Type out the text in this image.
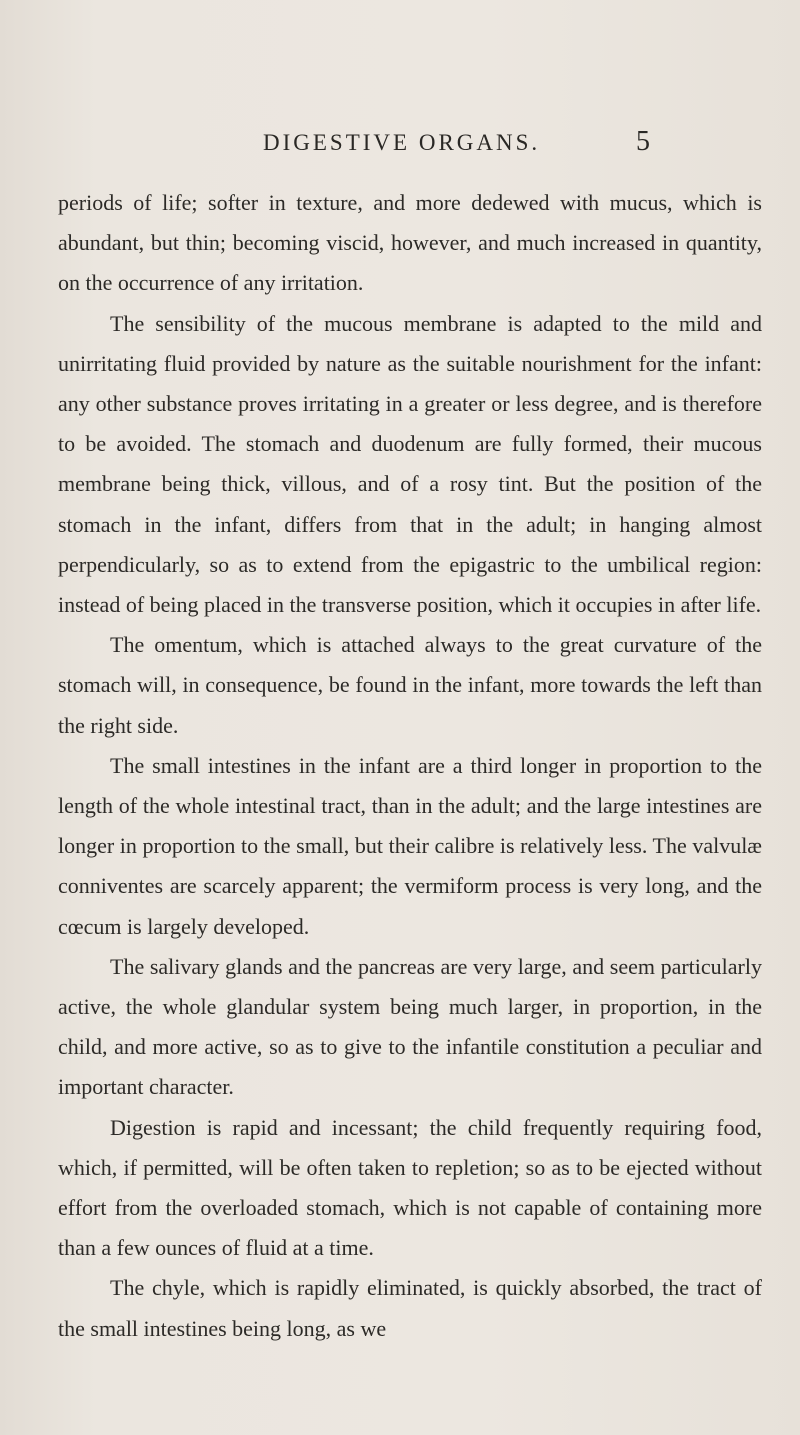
DIGESTIVE ORGANS.	5

periods of life; softer in texture, and more dedewed with mucus, which is abundant, but thin; becoming viscid, however, and much increased in quantity, on the occurrence of any irritation.

The sensibility of the mucous membrane is adapted to the mild and unirritating fluid provided by nature as the suitable nourishment for the infant: any other substance proves irritating in a greater or less degree, and is therefore to be avoided. The stomach and duodenum are fully formed, their mucous membrane being thick, villous, and of a rosy tint. But the position of the stomach in the infant, differs from that in the adult; in hanging almost perpendicularly, so as to extend from the epigastric to the umbilical region: instead of being placed in the transverse position, which it occupies in after life.

The omentum, which is attached always to the great curvature of the stomach will, in consequence, be found in the infant, more towards the left than the right side.

The small intestines in the infant are a third longer in proportion to the length of the whole intestinal tract, than in the adult; and the large intestines are longer in proportion to the small, but their calibre is relatively less. The valvulæ conniventes are scarcely apparent; the vermiform process is very long, and the cœcum is largely developed.

The salivary glands and the pancreas are very large, and seem particularly active, the whole glandular system being much larger, in proportion, in the child, and more active, so as to give to the infantile constitution a peculiar and important character.

Digestion is rapid and incessant; the child frequently requiring food, which, if permitted, will be often taken to repletion; so as to be ejected without effort from the overloaded stomach, which is not capable of containing more than a few ounces of fluid at a time.

The chyle, which is rapidly eliminated, is quickly absorbed, the tract of the small intestines being long, as we
